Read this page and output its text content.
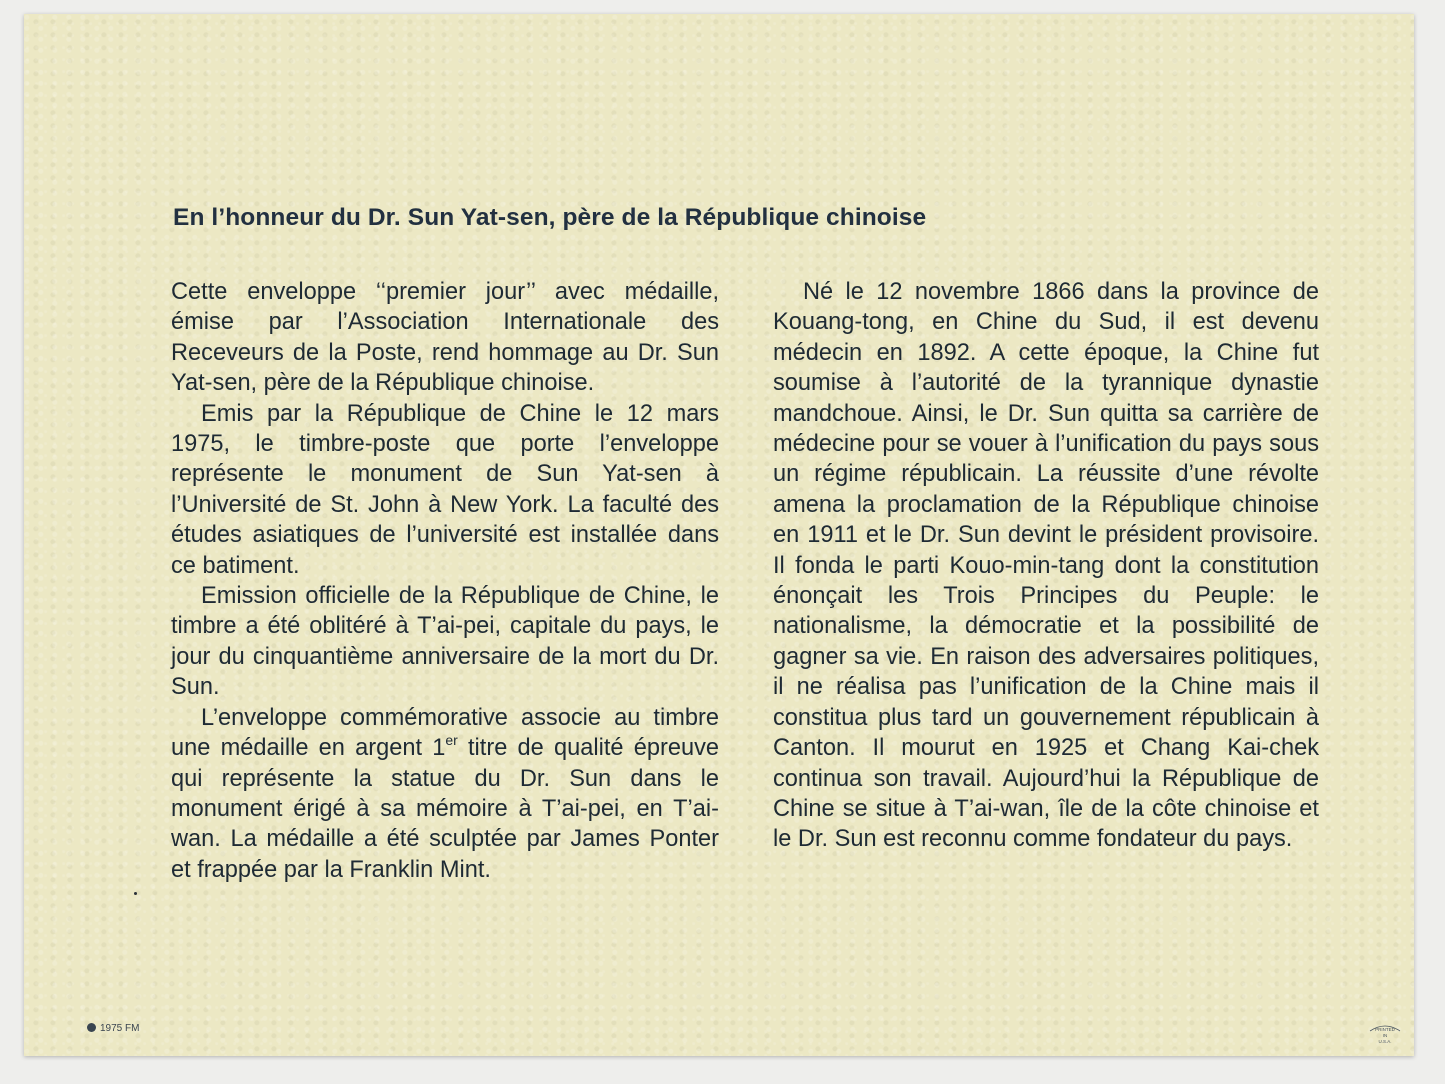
En l’honneur du Dr. Sun Yat-sen, père de la République chinoise

Cette enveloppe ‘‘premier jour’’ avec médaille, émise par l’Association Internationale des Receveurs de la Poste, rend hommage au Dr. Sun Yat-sen, père de la République chinoise.

Emis par la République de Chine le 12 mars 1975, le timbre-poste que porte l’enveloppe représente le monument de Sun Yat-sen à l’Université de St. John à New York. La faculté des études asiatiques de l’université est installée dans ce batiment.

Emission officielle de la République de Chine, le timbre a été oblitéré à T’ai-pei, capitale du pays, le jour du cinquantième anniversaire de la mort du Dr. Sun.

L’enveloppe commémorative associe au timbre une médaille en argent 1er titre de qualité épreuve qui représente la statue du Dr. Sun dans le monument érigé à sa mémoire à T’ai-pei, en T’ai-wan. La médaille a été sculptée par James Ponter et frappée par la Franklin Mint.

Né le 12 novembre 1866 dans la province de Kouang-tong, en Chine du Sud, il est devenu médecin en 1892. A cette époque, la Chine fut soumise à l’autorité de la tyrannique dynastie mandchoue. Ainsi, le Dr. Sun quitta sa carrière de médecine pour se vouer à l’unification du pays sous un régime républicain. La réussite d’une révolte amena la proclamation de la République chinoise en 1911 et le Dr. Sun devint le président provisoire. Il fonda le parti Kouo-min-tang dont la constitution énonçait les Trois Principes du Peuple: le nationalisme, la démocratie et la possibilité de gagner sa vie. En raison des adversaires politiques, il ne réalisa pas l’unification de la Chine mais il constitua plus tard un gouvernement républicain à Canton. Il mourut en 1925 et Chang Kai-chek continua son travail. Aujourd’hui la République de Chine se situe à T’ai-wan, île de la côte chinoise et le Dr. Sun est reconnu comme fondateur du pays.

1975 FM	PRINTED
IN
U.S.A.
